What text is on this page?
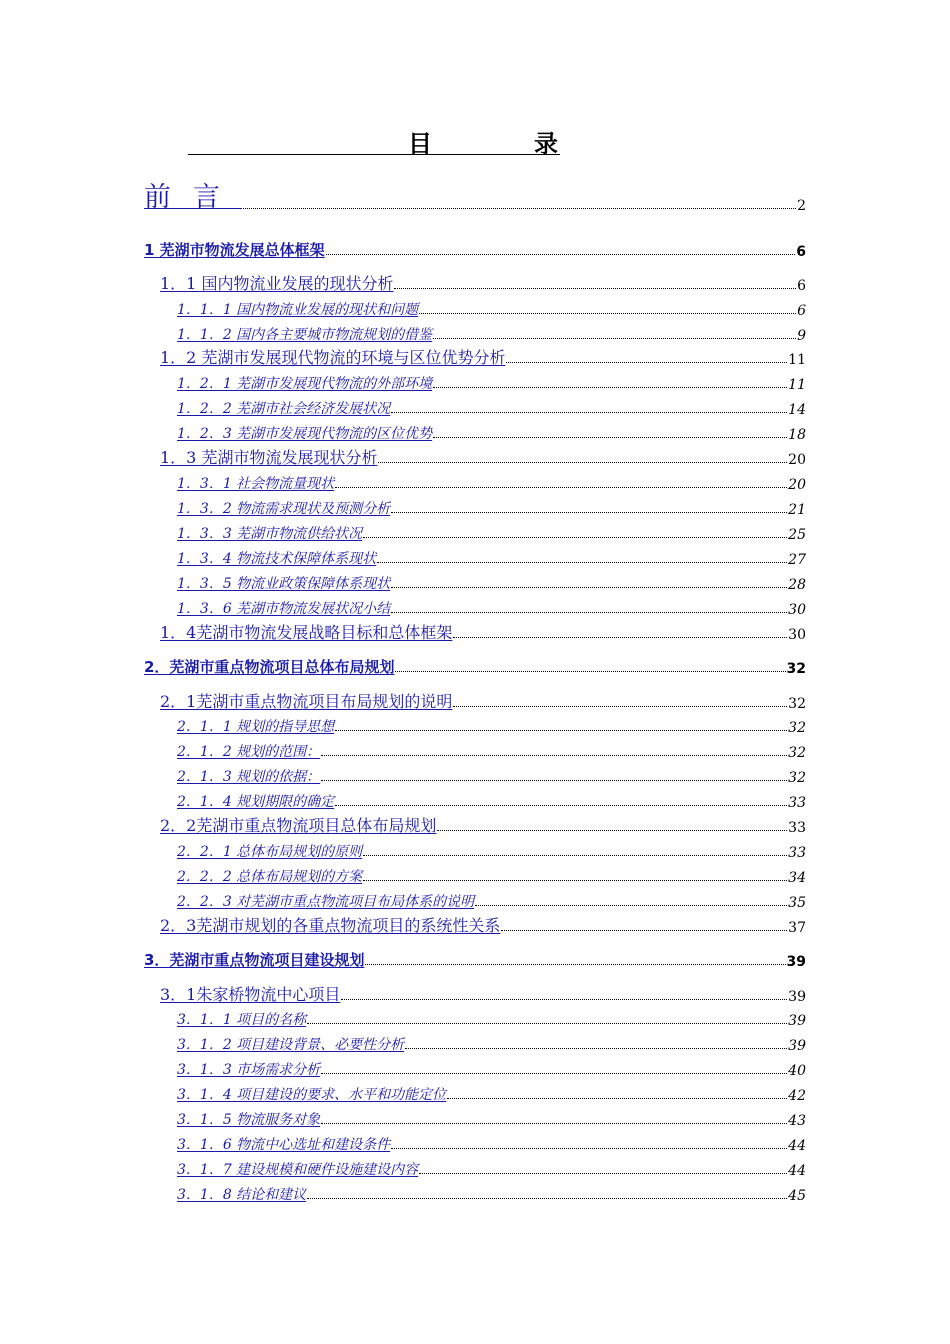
目	录
前言	2
1 芜湖市物流发展总体框架	6
1．1 国内物流业发展的现状分析	6
1．1．1 国内物流业发展的现状和问题	6
1．1．2 国内各主要城市物流规划的借鉴	9
1．2 芜湖市发展现代物流的环境与区位优势分析	11
1．2．1 芜湖市发展现代物流的外部环境	11
1．2．2 芜湖市社会经济发展状况	14
1．2．3 芜湖市发展现代物流的区位优势	18
1．3 芜湖市物流发展现状分析	20
1．3．1 社会物流量现状	20
1．3．2 物流需求现状及预测分析	21
1．3．3 芜湖市物流供给状况	25
1．3．4 物流技术保障体系现状	27
1．3．5 物流业政策保障体系现状	28
1．3．6 芜湖市物流发展状况小结	30
1．4芜湖市物流发展战略目标和总体框架	30
2．芜湖市重点物流项目总体布局规划	32
2．1芜湖市重点物流项目布局规划的说明	32
2．1．1 规划的指导思想	32
2．1．2 规划的范围：	32
2．1．3 规划的依据：	32
2．1．4 规划期限的确定	33
2．2芜湖市重点物流项目总体布局规划	33
2．2．1 总体布局规划的原则	33
2．2．2 总体布局规划的方案	34
2．2．3 对芜湖市重点物流项目布局体系的说明	35
2．3芜湖市规划的各重点物流项目的系统性关系	37
3．芜湖市重点物流项目建设规划	39
3．1朱家桥物流中心项目	39
3．1．1 项目的名称	39
3．1．2 项目建设背景、必要性分析	39
3．1．3 市场需求分析	40
3．1．4 项目建设的要求、水平和功能定位	42
3．1．5 物流服务对象	43
3．1．6 物流中心选址和建设条件	44
3．1．7 建设规模和硬件设施建设内容	44
3．1．8 结论和建议	45
